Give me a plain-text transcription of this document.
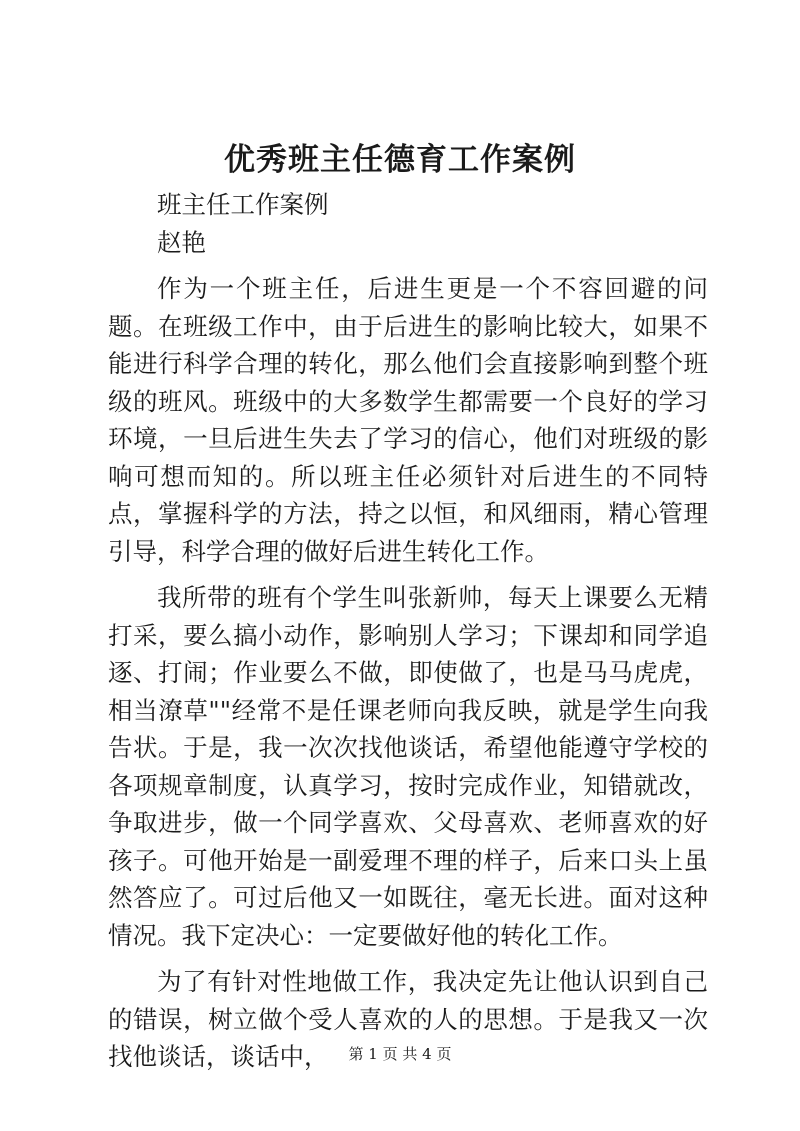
优秀班主任德育工作案例

班主任工作案例

赵艳

作为一个班主任，后进生更是一个不容回避的问题。在班级工作中，由于后进生的影响比较大，如果不能进行科学合理的转化，那么他们会直接影响到整个班级的班风。班级中的大多数学生都需要一个良好的学习环境，一旦后进生失去了学习的信心，他们对班级的影响可想而知的。所以班主任必须针对后进生的不同特点，掌握科学的方法，持之以恒，和风细雨，精心管理引导，科学合理的做好后进生转化工作。

我所带的班有个学生叫张新帅，每天上课要么无精打采，要么搞小动作，影响别人学习；下课却和同学追逐、打闹；作业要么不做，即使做了，也是马马虎虎，相当潦草""经常不是任课老师向我反映，就是学生向我告状。于是，我一次次找他谈话，希望他能遵守学校的各项规章制度，认真学习，按时完成作业，知错就改，争取进步，做一个同学喜欢、父母喜欢、老师喜欢的好孩子。可他开始是一副爱理不理的样子，后来口头上虽然答应了。可过后他又一如既往，毫无长进。面对这种情况。我下定决心：一定要做好他的转化工作。

为了有针对性地做工作，我决定先让他认识到自己的错误，树立做个受人喜欢的人的思想。于是我又一次找他谈话，谈话中，	第 1 页 共 4 页
